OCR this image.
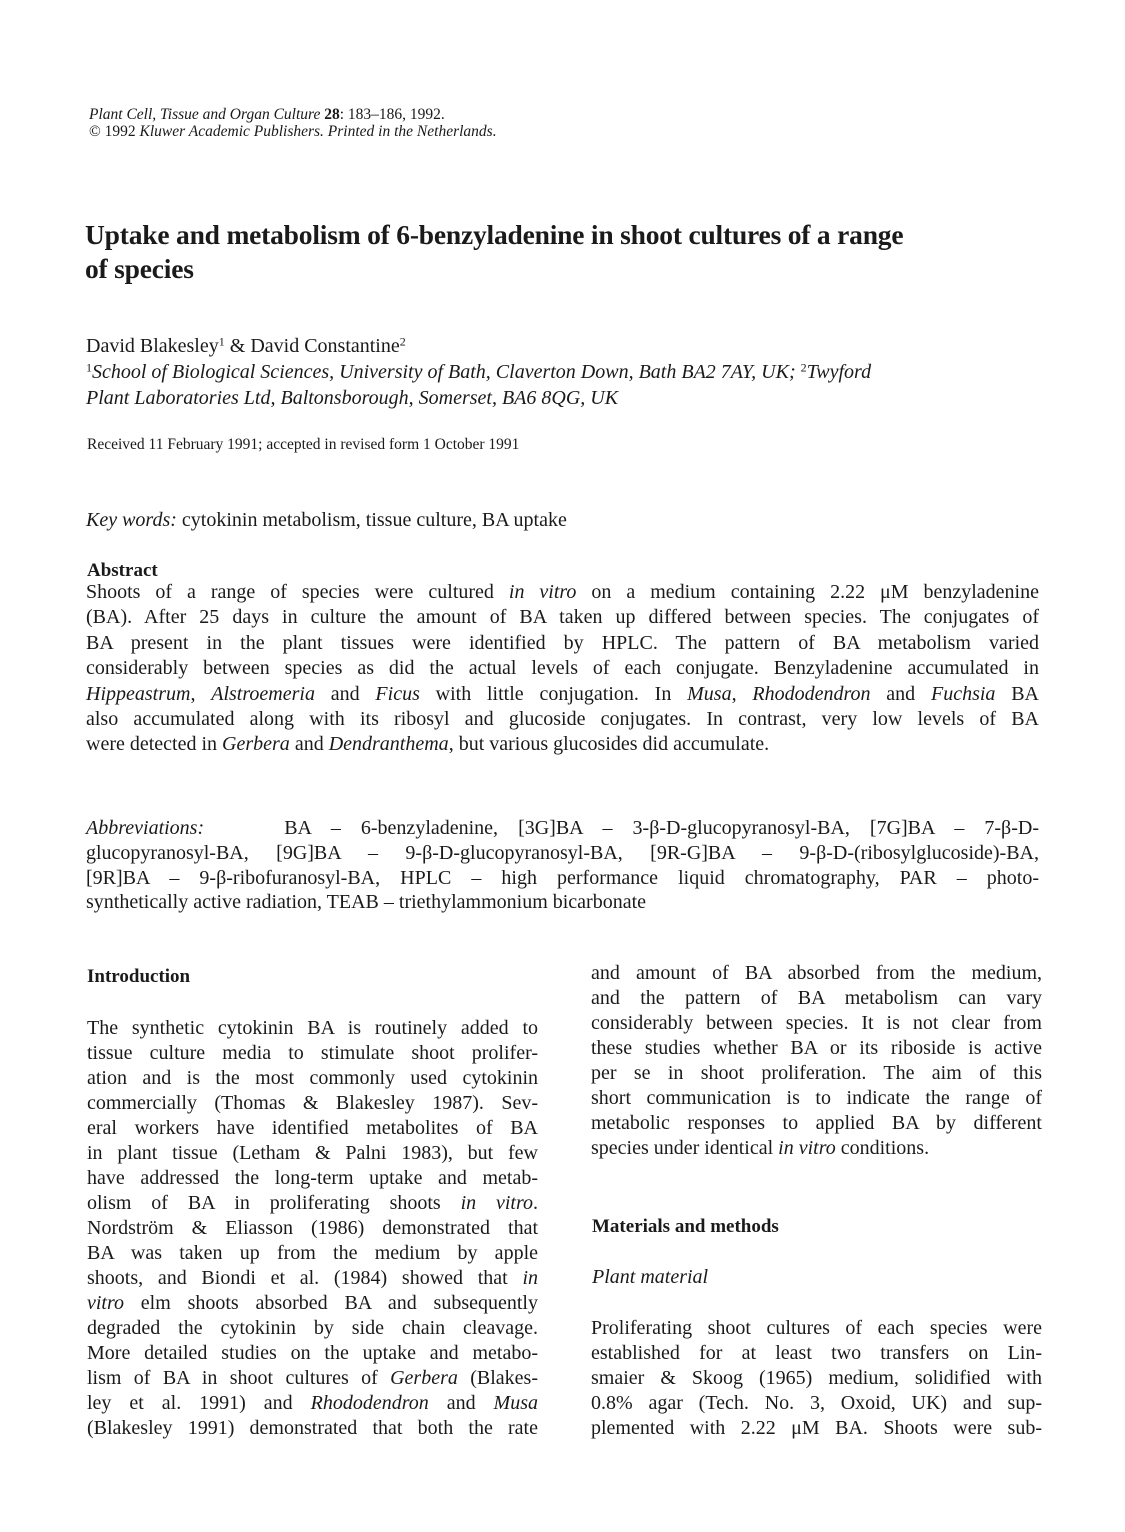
Plant Cell, Tissue and Organ Culture 28: 183–186, 1992.
© 1992 Kluwer Academic Publishers. Printed in the Netherlands.
Uptake and metabolism of 6-benzyladenine in shoot cultures of a range
of species
David Blakesley$^1$ & David Constantine$^2$
$^1$School of Biological Sciences, University of Bath, Claverton Down, Bath BA2 7AY, UK; $^2$Twyford
Plant Laboratories Ltd, Baltonsborough, Somerset, BA6 8QG, UK
Received 11 February 1991; accepted in revised form 1 October 1991
Key words: cytokinin metabolism, tissue culture, BA uptake
Abstract
Shoots of a range of species were cultured in vitro on a medium containing 2.22 μM benzyladenine
(BA). After 25 days in culture the amount of BA taken up differed between species. The conjugates of
BA present in the plant tissues were identified by HPLC. The pattern of BA metabolism varied
considerably between species as did the actual levels of each conjugate. Benzyladenine accumulated in
Hippeastrum, Alstroemeria and Ficus with little conjugation. In Musa, Rhododendron and Fuchsia BA
also accumulated along with its ribosyl and glucoside conjugates. In contrast, very low levels of BA
were detected in Gerbera and Dendranthema, but various glucosides did accumulate.
Abbreviations:	BA – 6-benzyladenine, [3G]BA – 3-β-D-glucopyranosyl-BA, [7G]BA – 7-β-D-
glucopyranosyl-BA, [9G]BA – 9-β-D-glucopyranosyl-BA, [9R-G]BA – 9-β-D-(ribosylglucoside)-BA,
[9R]BA – 9-β-ribofuranosyl-BA, HPLC – high performance liquid chromatography, PAR – photo-
synthetically active radiation, TEAB – triethylammonium bicarbonate
Introduction
The synthetic cytokinin BA is routinely added to
tissue culture media to stimulate shoot prolifer-
ation and is the most commonly used cytokinin
commercially (Thomas & Blakesley 1987). Sev-
eral workers have identified metabolites of BA
in plant tissue (Letham & Palni 1983), but few
have addressed the long-term uptake and metab-
olism of BA in proliferating shoots in vitro.
Nordström & Eliasson (1986) demonstrated that
BA was taken up from the medium by apple
shoots, and Biondi et al. (1984) showed that in
vitro elm shoots absorbed BA and subsequently
degraded the cytokinin by side chain cleavage.
More detailed studies on the uptake and metabo-
lism of BA in shoot cultures of Gerbera (Blakes-
ley et al. 1991) and Rhododendron and Musa
(Blakesley 1991) demonstrated that both the rate
and amount of BA absorbed from the medium,
and the pattern of BA metabolism can vary
considerably between species. It is not clear from
these studies whether BA or its riboside is active
per se in shoot proliferation. The aim of this
short communication is to indicate the range of
metabolic responses to applied BA by different
species under identical in vitro conditions.
Materials and methods
Plant material
Proliferating shoot cultures of each species were
established for at least two transfers on Lin-
smaier & Skoog (1965) medium, solidified with
0.8% agar (Tech. No. 3, Oxoid, UK) and sup-
plemented with 2.22 μM BA. Shoots were sub-
